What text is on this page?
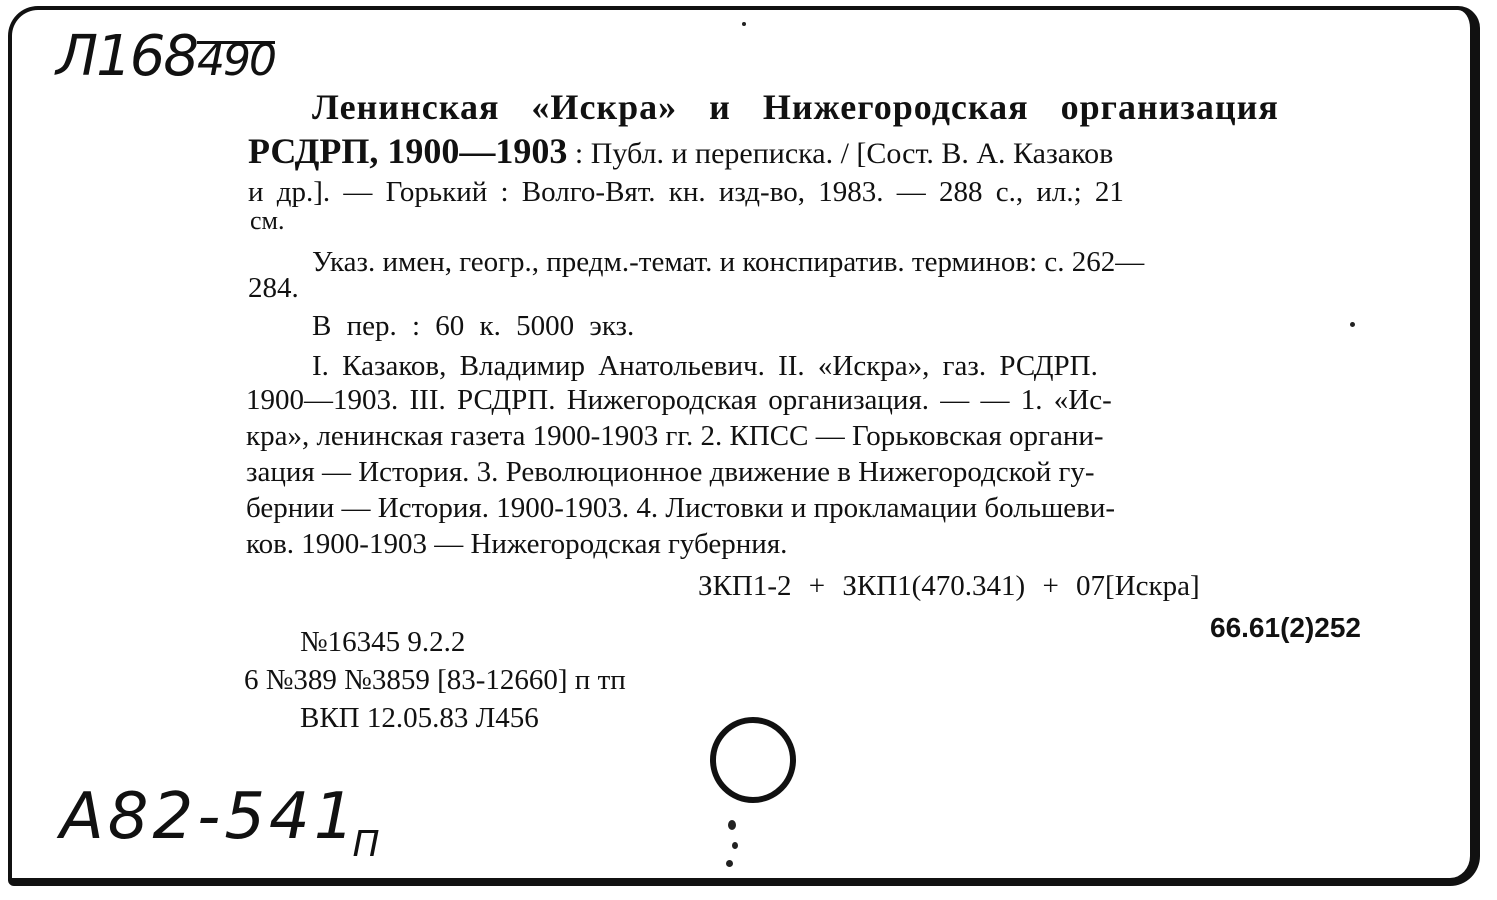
Л168490
Ленинская «Искра» и Нижегородская организация
РСДРП, 1900—1903 : Публ. и переписка. / [Сост. В. А. Казаков
и др.]. — Горький : Волго-Вят. кн. изд-во, 1983. — 288 с., ил.; 21
см.
Указ. имен, геогр., предм.-темат. и конспиратив. терминов: с. 262—
284.
В пер. : 60 к. 5000 экз.
I. Казаков, Владимир Анатольевич. II. «Искра», газ. РСДРП.
1900—1903. III. РСДРП. Нижегородская организация. — — 1. «Ис-
кра», ленинская газета 1900-1903 гг. 2. КПСС — Горьковская органи-
зация — История. 3. Революционное движение в Нижегородской гу-
бернии — История. 1900-1903. 4. Листовки и прокламации большеви-
ков. 1900-1903 — Нижегородская губерния.
ЗКП1-2 + ЗКП1(470.341) + 07[Искра]
66.61(2)252
№16345 9.2.2
6 №389 №3859 [83-12660] п тп
ВКП 12.05.83 Л456
$А82-541_П$
